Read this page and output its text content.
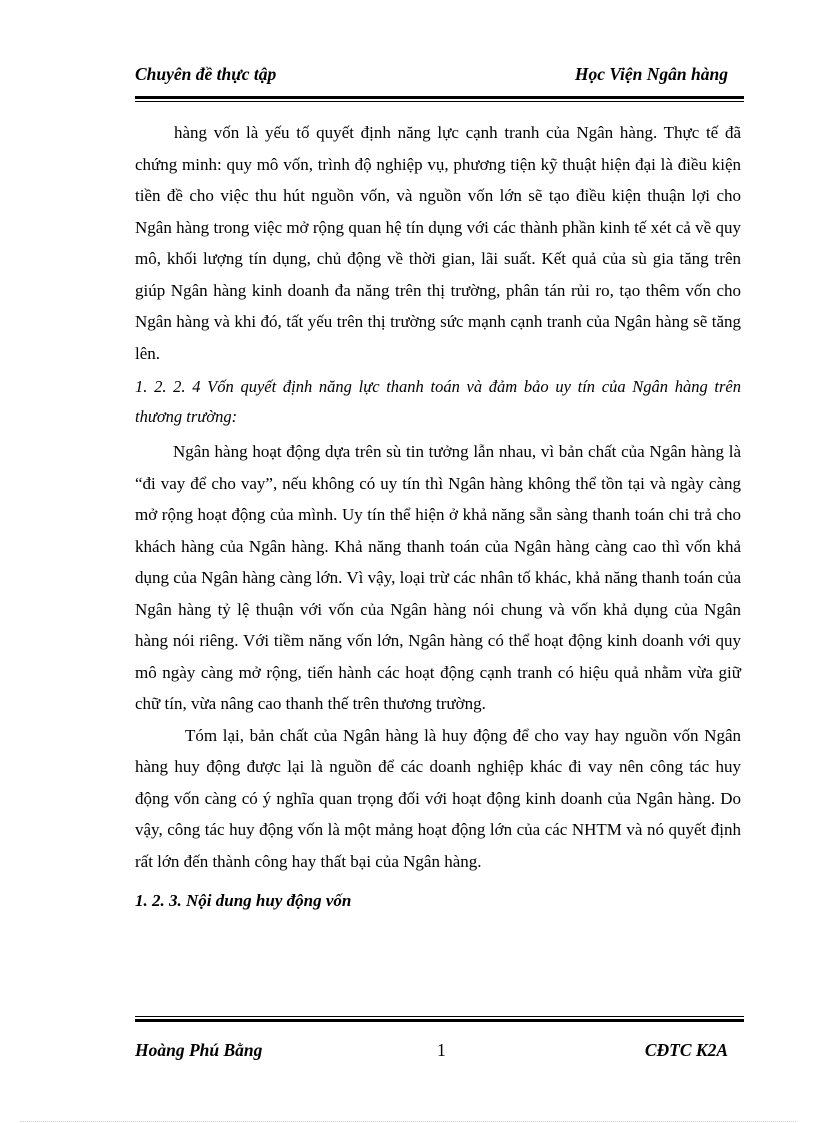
Chuyên đề thực tập	Học Viện Ngân hàng

hàng vốn là yếu tố quyết định năng lực cạnh tranh của Ngân hàng. Thực tế đã chứng minh: quy mô vốn, trình độ nghiệp vụ, phương tiện kỹ thuật hiện đại là điều kiện tiền đề cho việc thu hút nguồn vốn, và nguồn vốn lớn sẽ tạo điều kiện thuận lợi cho Ngân hàng trong việc mở rộng quan hệ tín dụng với các thành phần kinh tế xét cả về quy mô, khối lượng tín dụng, chủ động về thời gian, lãi suất. Kết quả của sù gia tăng trên giúp Ngân hàng kinh doanh đa năng trên thị trường, phân tán rủi ro, tạo thêm vốn cho Ngân hàng và khi đó, tất yếu trên thị trường sức mạnh cạnh tranh của Ngân hàng sẽ tăng lên.

1. 2. 2. 4 Vốn quyết định năng lực thanh toán và đảm bảo uy tín của Ngân hàng trên thương trường:

Ngân hàng hoạt động dựa trên sù tin tưởng lẫn nhau, vì bản chất của Ngân hàng là “đi vay để cho vay”, nếu không có uy tín thì Ngân hàng không thể tồn tại và ngày càng mở rộng hoạt động của mình. Uy tín thể hiện ở khả năng sẵn sàng thanh toán chi trả cho khách hàng của Ngân hàng. Khả năng thanh toán của Ngân hàng càng cao thì vốn khả dụng của Ngân hàng càng lớn. Vì vậy, loại trừ các nhân tố khác, khả năng thanh toán của Ngân hàng tỷ lệ thuận với vốn của Ngân hàng nói chung và vốn khả dụng của Ngân hàng nói riêng. Với tiềm năng vốn lớn, Ngân hàng có thể hoạt động kinh doanh với quy mô ngày càng mở rộng, tiến hành các hoạt động cạnh tranh có hiệu quả nhằm vừa giữ chữ tín, vừa nâng cao thanh thế trên thương trường.

Tóm lại, bản chất của Ngân hàng là huy động để cho vay hay nguồn vốn Ngân hàng huy động được lại là nguồn để các doanh nghiệp khác đi vay nên công tác huy động vốn càng có ý nghĩa quan trọng đối với hoạt động kinh doanh của Ngân hàng. Do vậy, công tác huy động vốn là một mảng hoạt động lớn của các NHTM và nó quyết định rất lớn đến thành công hay thất bại của Ngân hàng.

1. 2. 3. Nội dung huy động vốn

Hoàng Phú Bằng	1	CĐTC K2A
